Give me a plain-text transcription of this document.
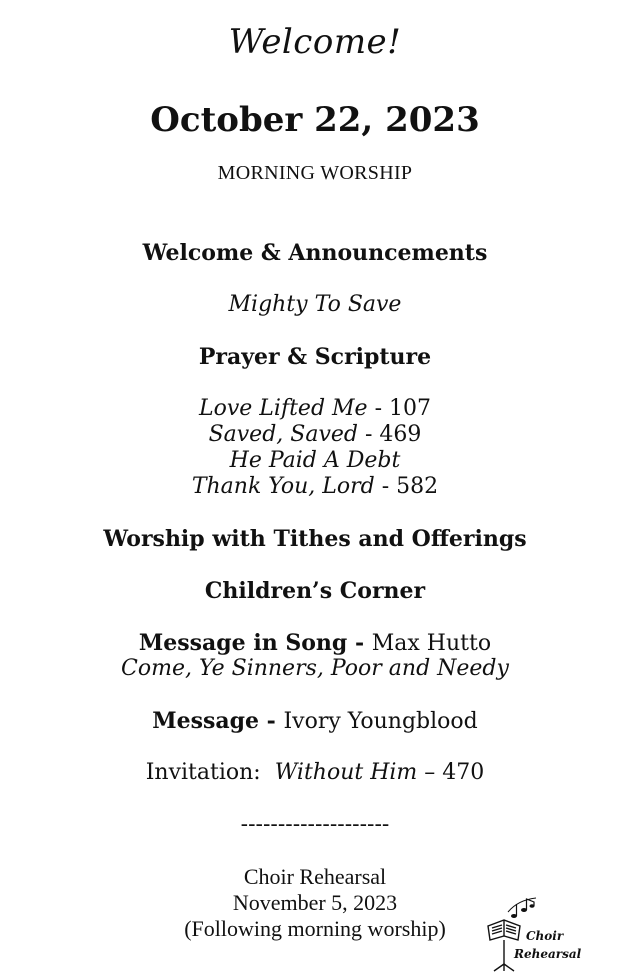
Welcome!
October 22, 2023
MORNING WORSHIP
Welcome & Announcements
Mighty To Save
Prayer & Scripture
Love Lifted Me - 107
Saved, Saved - 469
He Paid A Debt
Thank You, Lord - 582
Worship with Tithes and Offerings
Children’s Corner
Message in Song - Max Hutto
Come, Ye Sinners, Poor and Needy
Message - Ivory Youngblood
Invitation:  Without Him – 470
--------------------
Choir Rehearsal
November 5, 2023
(Following morning worship)	Choir
Rehearsal
